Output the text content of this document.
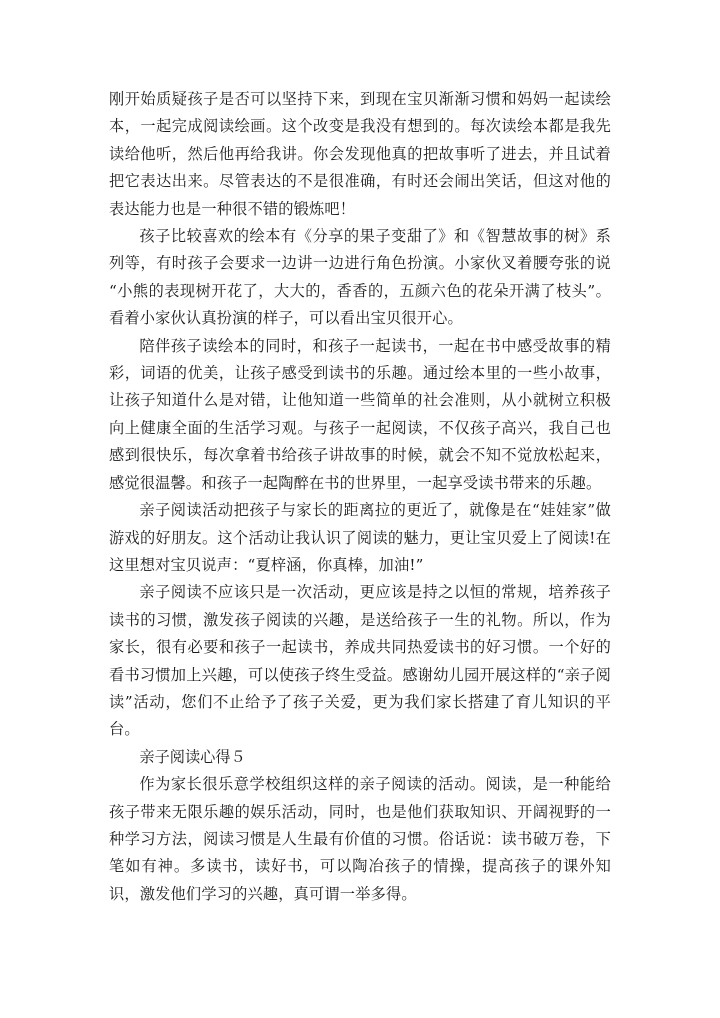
刚开始质疑孩子是否可以坚持下来，到现在宝贝渐渐习惯和妈妈一起读绘本，一起完成阅读绘画。这个改变是我没有想到的。每次读绘本都是我先读给他听，然后他再给我讲。你会发现他真的把故事听了进去，并且试着把它表达出来。尽管表达的不是很准确，有时还会闹出笑话，但这对他的表达能力也是一种很不错的锻炼吧！

孩子比较喜欢的绘本有《分享的果子变甜了》和《智慧故事的树》系列等，有时孩子会要求一边讲一边进行角色扮演。小家伙叉着腰夸张的说 “小熊的表现树开花了，大大的，香香的，五颜六色的花朵开满了枝头”。看着小家伙认真扮演的样子，可以看出宝贝很开心。

陪伴孩子读绘本的同时，和孩子一起读书，一起在书中感受故事的精彩，词语的优美，让孩子感受到读书的乐趣。通过绘本里的一些小故事，让孩子知道什么是对错，让他知道一些简单的社会准则，从小就树立积极向上健康全面的生活学习观。与孩子一起阅读，不仅孩子高兴，我自己也感到很快乐，每次拿着书给孩子讲故事的时候，就会不知不觉放松起来，感觉很温馨。和孩子一起陶醉在书的世界里，一起享受读书带来的乐趣。

亲子阅读活动把孩子与家长的距离拉的更近了，就像是在“娃娃家”做游戏的好朋友。这个活动让我认识了阅读的魅力，更让宝贝爱上了阅读!在这里想对宝贝说声：“夏梓涵，你真棒，加油!”

亲子阅读不应该只是一次活动，更应该是持之以恒的常规，培养孩子读书的习惯，激发孩子阅读的兴趣，是送给孩子一生的礼物。所以，作为家长，很有必要和孩子一起读书，养成共同热爱读书的好习惯。一个好的看书习惯加上兴趣，可以使孩子终生受益。感谢幼儿园开展这样的“亲子阅读”活动，您们不止给予了孩子关爱，更为我们家长搭建了育儿知识的平台。

亲子阅读心得５

作为家长很乐意学校组织这样的亲子阅读的活动。阅读，是一种能给孩子带来无限乐趣的娱乐活动，同时，也是他们获取知识、开阔视野的一种学习方法，阅读习惯是人生最有价值的习惯。俗话说：读书破万卷，下笔如有神。多读书，读好书，可以陶冶孩子的情操，提高孩子的课外知识，激发他们学习的兴趣，真可谓一举多得。
